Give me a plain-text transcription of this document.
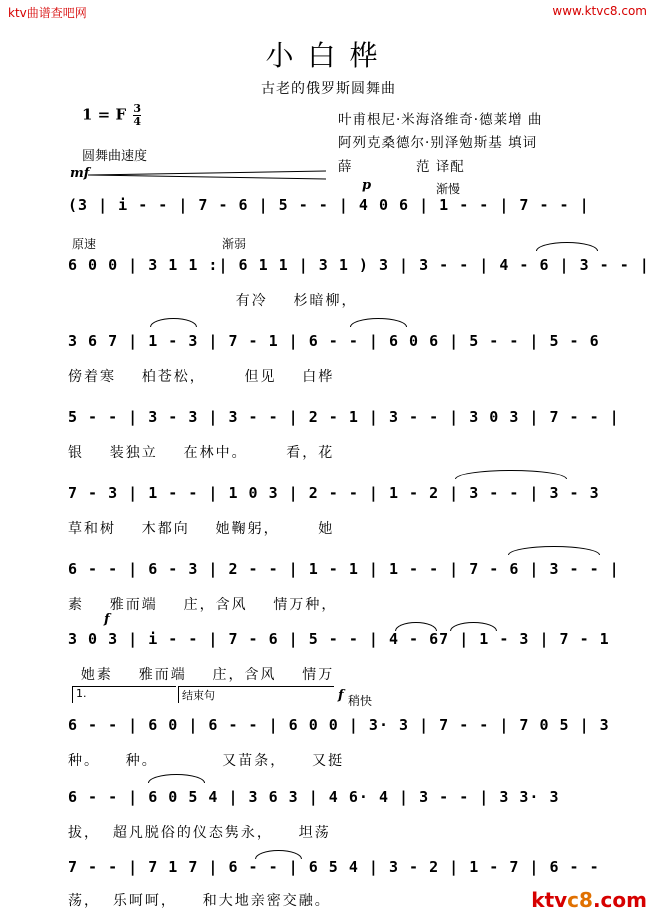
ktv曲谱查吧网	www.ktvc8.com
小白桦
古老的俄罗斯圆舞曲
1 = F $\frac{3}{4}$
圆舞曲速度
叶甫根尼·米海洛维奇·德莱增 曲
阿列克桑德尔·别泽勉斯基 填词
薛            范 译配
mf
p	渐慢
原速	渐弱
f
1.	结束句	f 稍快
(3 | i - - | 7 - 6 | 5 - - | 4 0 6 | 1 - - | 7 - - |
6 0 0 | 3 1 1 :| 6 1 1 | 3 1 ) 3 | 3 - - | 4 - 6 | 3 - - |
有冷    杉暗柳，
3 6 7 | 1 - 3 | 7 - 1 | 6 - - | 6 0 6 | 5 - - | 5 - 6
傍着寒    柏苍松，      但见    白桦
5 - - | 3 - 3 | 3 - - | 2 - 1 | 3 - - | 3 0 3 | 7 - - |
银    装独立    在林中。      看，花
7 - 3 | 1 - - | 1 0 3 | 2 - - | 1 - 2 | 3 - - | 3 - 3
草和树    木都向    她鞠躬，      她
6 - - | 6 - 3 | 2 - - | 1 - 1 | 1 - - | 7 - 6 | 3 - - |
素    雅而端    庄，含风    情万种，
3 0 3 | i - - | 7 - 6 | 5 - - | 4 - 67 | 1 - 3 | 7 - 1
她素    雅而端    庄，含风    情万
6 - - | 6 0 | 6 - - | 6 0 0 | 3· 3 | 7 - - | 7 0 5 | 3
种。    种。          又苗条，    又挺
6 - - | 6 0 5 4 | 3 6 3 | 4 6· 4 | 3 - - | 3 3· 3
拔，  超凡脱俗的仪态隽永，    坦荡
7 - - | 7 1 7 | 6 - - | 6 5 4 | 3 - 2 | 1 - 7 | 6 - -
荡，  乐呵呵，    和大地亲密交融。	ktvc8.com
